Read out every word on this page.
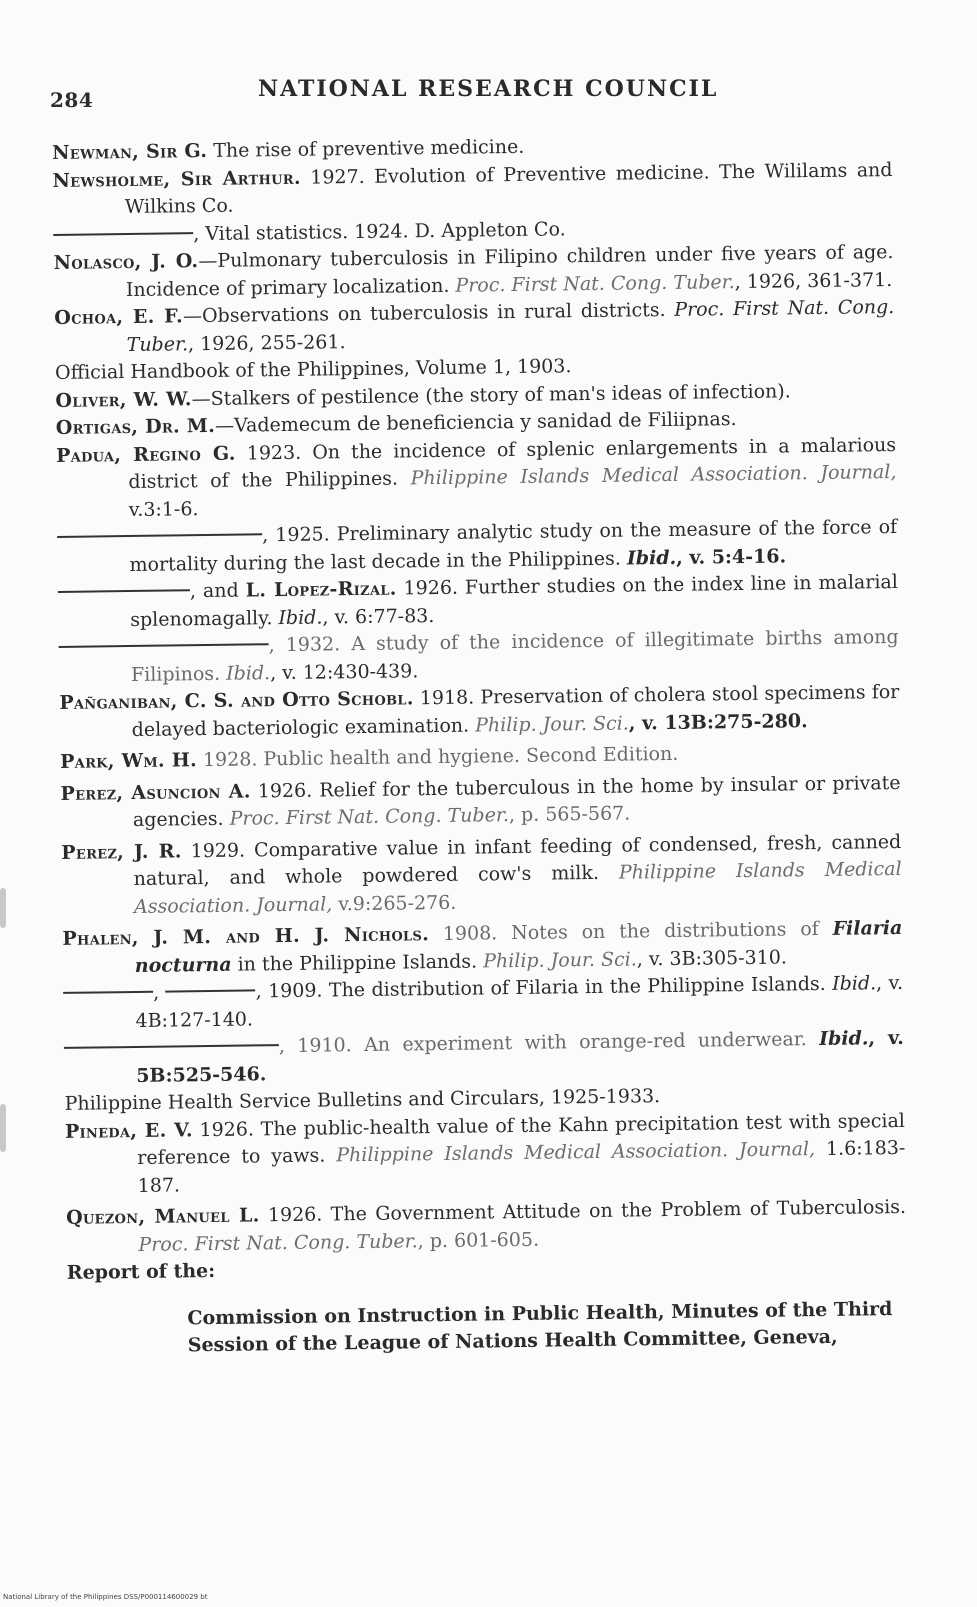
284	NATIONAL RESEARCH COUNCIL

Newman, Sir G. The rise of preventive medicine.

Newsholme, Sir Arthur. 1927. Evolution of Preventive medicine. The Wililams and Wilkins Co.

, Vital statistics. 1924. D. Appleton Co.

Nolasco, J. O.—Pulmonary tuberculosis in Filipino children under five years of age. Incidence of primary localization. Proc. First Nat. Cong. Tuber., 1926, 361-371.

Ochoa, E. F.—Observations on tuberculosis in rural districts. Proc. First Nat. Cong. Tuber., 1926, 255-261.

Official Handbook of the Philippines, Volume 1, 1903.

Oliver, W. W.—Stalkers of pestilence (the story of man's ideas of infection).

Ortigas, Dr. M.—Vademecum de beneficiencia y sanidad de Filiipnas.

Padua, Regino G. 1923. On the incidence of splenic enlargements in a malarious district of the Philippines. Philippine Islands Medical Association. Journal, v.3:1-6.

, 1925. Preliminary analytic study on the measure of the force of mortality during the last decade in the Philippines. Ibid., v. 5:4-16.

, and L. Lopez-Rizal. 1926. Further studies on the index line in malarial splenomagally. Ibid., v. 6:77-83.

, 1932. A study of the incidence of illegitimate births among Filipinos. Ibid., v. 12:430-439.

Pañganiban, C. S. and Otto Schobl. 1918. Preservation of cholera stool specimens for delayed bacteriologic examination. Philip. Jour. Sci., v. 13B:275-280.

Park, Wm. H. 1928. Public health and hygiene. Second Edition.

Perez, Asuncion A. 1926. Relief for the tuberculous in the home by insular or private agencies. Proc. First Nat. Cong. Tuber., p. 565-567.

Perez, J. R. 1929. Comparative value in infant feeding of condensed, fresh, canned natural, and whole powdered cow's milk. Philippine Islands Medical Association. Journal, v.9:265-276.

Phalen, J. M. and H. J. Nichols. 1908. Notes on the distributions of Filaria nocturna in the Philippine Islands. Philip. Jour. Sci., v. 3B:305-310.

,	, 1909. The distribution of Filaria in the Philippine Islands. Ibid., v. 4B:127-140.

, 1910. An experiment with orange-red underwear. Ibid., v. 5B:525-546.

Philippine Health Service Bulletins and Circulars, 1925-1933.

Pineda, E. V. 1926. The public-health value of the Kahn precipitation test with special reference to yaws. Philippine Islands Medical Association. Journal, 1.6:183-187.

Quezon, Manuel L. 1926. The Government Attitude on the Problem of Tuberculosis. Proc. First Nat. Cong. Tuber., p. 601-605.

Report of the:

Commission on Instruction in Public Health, Minutes of the Third Session of the League of Nations Health Committee, Geneva,

National Library of the Philippines DSS/P000114600029 bt
